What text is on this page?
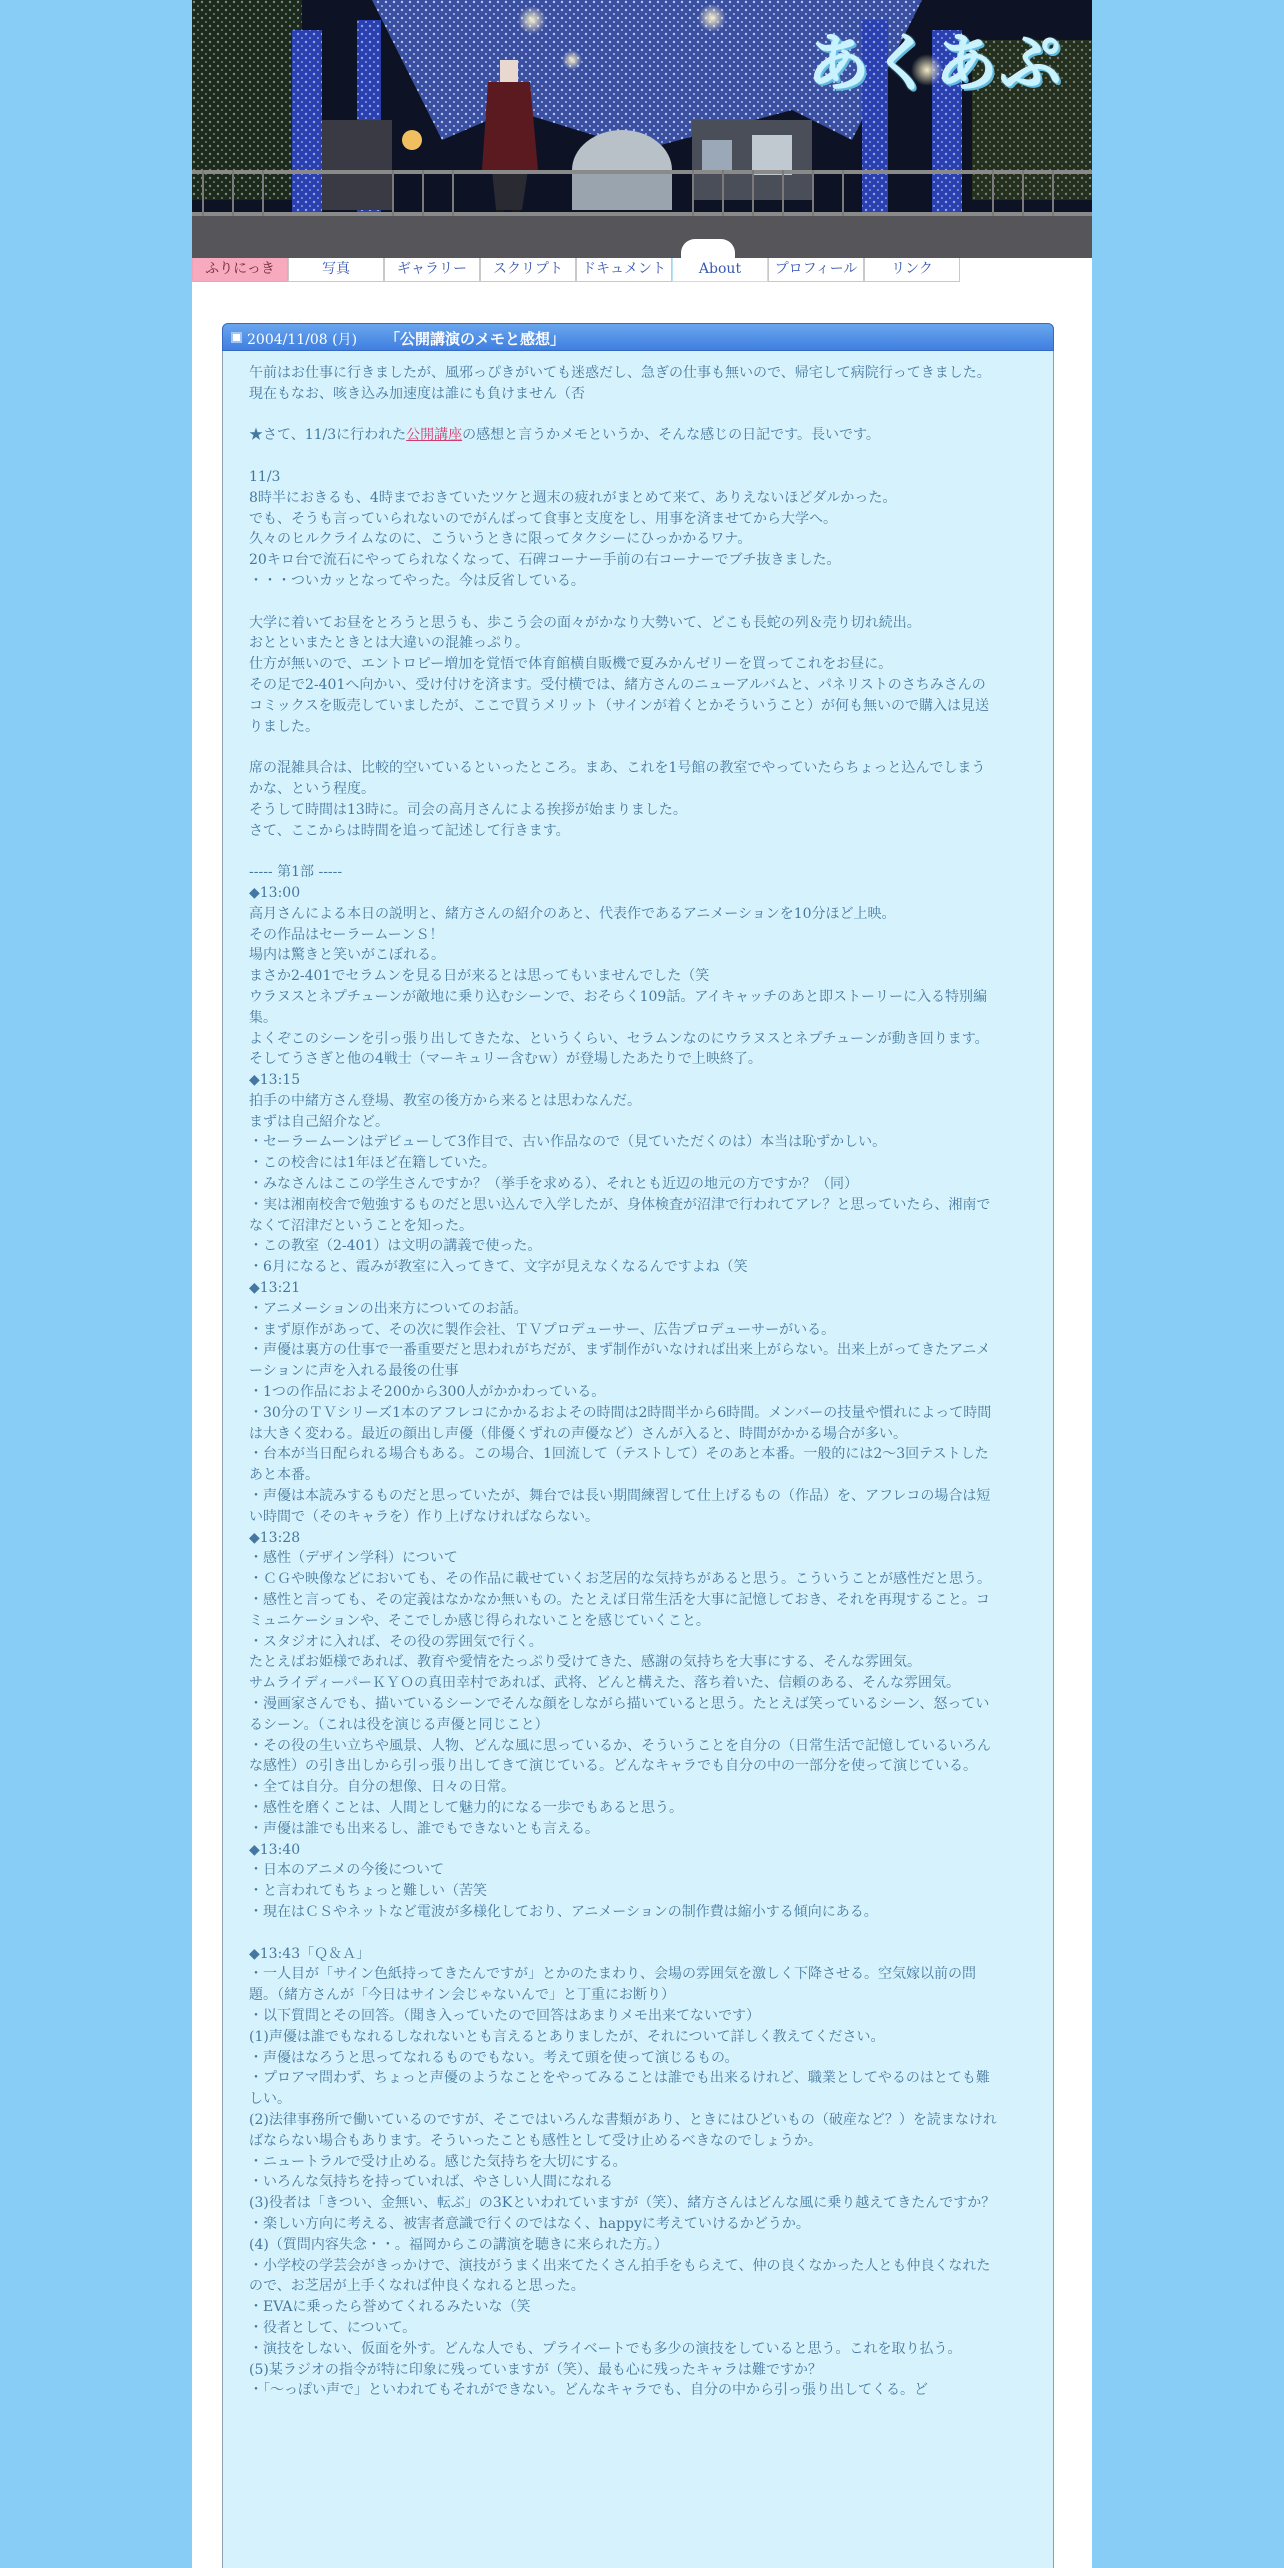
あくあぷ
ふりにっき	写真	ギャラリー	スクリプト	ドキュメント	About	プロフィール	リンク
2004/11/08 (月) 「公開講演のメモと感想」

午前はお仕事に行きましたが、風邪っぴきがいても迷惑だし、急ぎの仕事も無いので、帰宅して病院行ってきました。

現在もなお、咳き込み加速度は誰にも負けません（否

★さて、11/3に行われた公開講座の感想と言うかメモというか、そんな感じの日記です。長いです。

11/3

8時半におきるも、4時までおきていたツケと週末の疲れがまとめて来て、ありえないほどダルかった。

でも、そうも言っていられないのでがんばって食事と支度をし、用事を済ませてから大学へ。

久々のヒルクライムなのに、こういうときに限ってタクシーにひっかかるワナ。

20キロ台で流石にやってられなくなって、石碑コーナー手前の右コーナーでブチ抜きました。

・・・ついカッとなってやった。今は反省している。

大学に着いてお昼をとろうと思うも、歩こう会の面々がかなり大勢いて、どこも長蛇の列＆売り切れ続出。

おとといまたときとは大違いの混雑っぷり。

仕方が無いので、エントロピー増加を覚悟で体育館横自販機で夏みかんゼリーを買ってこれをお昼に。

その足で2-401へ向かい、受け付けを済ます。受付横では、緒方さんのニューアルバムと、パネリストのさちみさんのコミックスを販売していましたが、ここで買うメリット（サインが着くとかそういうこと）が何も無いので購入は見送りました。

席の混雑具合は、比較的空いているといったところ。まあ、これを1号館の教室でやっていたらちょっと込んでしまうかな、という程度。

そうして時間は13時に。司会の高月さんによる挨拶が始まりました。

さて、ここからは時間を追って記述して行きます。

----- 第1部 -----

◆13:00

高月さんによる本日の説明と、緒方さんの紹介のあと、代表作であるアニメーションを10分ほど上映。

その作品はセーラームーンＳ！

場内は驚きと笑いがこぼれる。

まさか2-401でセラムンを見る日が来るとは思ってもいませんでした（笑

ウラヌスとネプチューンが敵地に乗り込むシーンで、おそらく109話。アイキャッチのあと即ストーリーに入る特別編集。

よくぞこのシーンを引っ張り出してきたな、というくらい、セラムンなのにウラヌスとネプチューンが動き回ります。

そしてうさぎと他の4戦士（マーキュリー含むｗ）が登場したあたりで上映終了。

◆13:15

拍手の中緒方さん登場、教室の後方から来るとは思わなんだ。

まずは自己紹介など。

・セーラームーンはデビューして3作目で、古い作品なので（見ていただくのは）本当は恥ずかしい。

・この校舎には1年ほど在籍していた。

・みなさんはここの学生さんですか？（挙手を求める）、それとも近辺の地元の方ですか？（同）

・実は湘南校舎で勉強するものだと思い込んで入学したが、身体検査が沼津で行われてアレ？と思っていたら、湘南でなくて沼津だということを知った。

・この教室（2-401）は文明の講義で使った。

・6月になると、霞みが教室に入ってきて、文字が見えなくなるんですよね（笑

◆13:21

・アニメーションの出来方についてのお話。

・まず原作があって、その次に製作会社、ＴＶプロデューサー、広告プロデューサーがいる。

・声優は裏方の仕事で一番重要だと思われがちだが、まず制作がいなければ出来上がらない。出来上がってきたアニメーションに声を入れる最後の仕事

・1つの作品におよそ200から300人がかかわっている。

・30分のＴＶシリーズ1本のアフレコにかかるおよその時間は2時間半から6時間。メンバーの技量や慣れによって時間は大きく変わる。最近の顔出し声優（俳優くずれの声優など）さんが入ると、時間がかかる場合が多い。

・台本が当日配られる場合もある。この場合、1回流して（テストして）そのあと本番。一般的には2～3回テストしたあと本番。

・声優は本読みするものだと思っていたが、舞台では長い期間練習して仕上げるもの（作品）を、アフレコの場合は短い時間で（そのキャラを）作り上げなければならない。

◆13:28

・感性（デザイン学科）について

・ＣＧや映像などにおいても、その作品に載せていくお芝居的な気持ちがあると思う。こういうことが感性だと思う。

・感性と言っても、その定義はなかなか無いもの。たとえば日常生活を大事に記憶しておき、それを再現すること。コミュニケーションや、そこでしか感じ得られないことを感じていくこと。

・スタジオに入れば、その役の雰囲気で行く。

たとえばお姫様であれば、教育や愛情をたっぷり受けてきた、感謝の気持ちを大事にする、そんな雰囲気。

サムライディーパーＫＹＯの真田幸村であれば、武将、どんと構えた、落ち着いた、信頼のある、そんな雰囲気。

・漫画家さんでも、描いているシーンでそんな顔をしながら描いていると思う。たとえば笑っているシーン、怒っているシーン。（これは役を演じる声優と同じこと）

・その役の生い立ちや風景、人物、どんな風に思っているか、そういうことを自分の（日常生活で記憶しているいろんな感性）の引き出しから引っ張り出してきて演じている。どんなキャラでも自分の中の一部分を使って演じている。

・全ては自分。自分の想像、日々の日常。

・感性を磨くことは、人間として魅力的になる一歩でもあると思う。

・声優は誰でも出来るし、誰でもできないとも言える。

◆13:40

・日本のアニメの今後について

・と言われてもちょっと難しい（苦笑

・現在はＣＳやネットなど電波が多様化しており、アニメーションの制作費は縮小する傾向にある。

◆13:43「Ｑ＆Ａ」

・一人目が「サイン色紙持ってきたんですが」とかのたまわり、会場の雰囲気を激しく下降させる。空気嫁以前の問題。（緒方さんが「今日はサイン会じゃないんで」と丁重にお断り）

・以下質問とその回答。（聞き入っていたので回答はあまりメモ出来てないです）

(1)声優は誰でもなれるしなれないとも言えるとありましたが、それについて詳しく教えてください。

・声優はなろうと思ってなれるものでもない。考えて頭を使って演じるもの。

・プロアマ問わず、ちょっと声優のようなことをやってみることは誰でも出来るけれど、職業としてやるのはとても難しい。

(2)法律事務所で働いているのですが、そこではいろんな書類があり、ときにはひどいもの（破産など？）を読まなければならない場合もあります。そういったことも感性として受け止めるべきなのでしょうか。

・ニュートラルで受け止める。感じた気持ちを大切にする。

・いろんな気持ちを持っていれば、やさしい人間になれる

(3)役者は「きつい、金無い、転ぶ」の3Kといわれていますが（笑）、緒方さんはどんな風に乗り越えてきたんですか？

・楽しい方向に考える、被害者意識で行くのではなく、happyに考えていけるかどうか。

(4)（質問内容失念・・。福岡からこの講演を聴きに来られた方。）

・小学校の学芸会がきっかけで、演技がうまく出来てたくさん拍手をもらえて、仲の良くなかった人とも仲良くなれたので、お芝居が上手くなれば仲良くなれると思った。

・EVAに乗ったら誉めてくれるみたいな（笑

・役者として、について。

・演技をしない、仮面を外す。どんな人でも、プライベートでも多少の演技をしていると思う。これを取り払う。

(5)某ラジオの指令が特に印象に残っていますが（笑）、最も心に残ったキャラは難ですか？

・「～っぽい声で」といわれてもそれができない。どんなキャラでも、自分の中から引っ張り出してくる。ど
